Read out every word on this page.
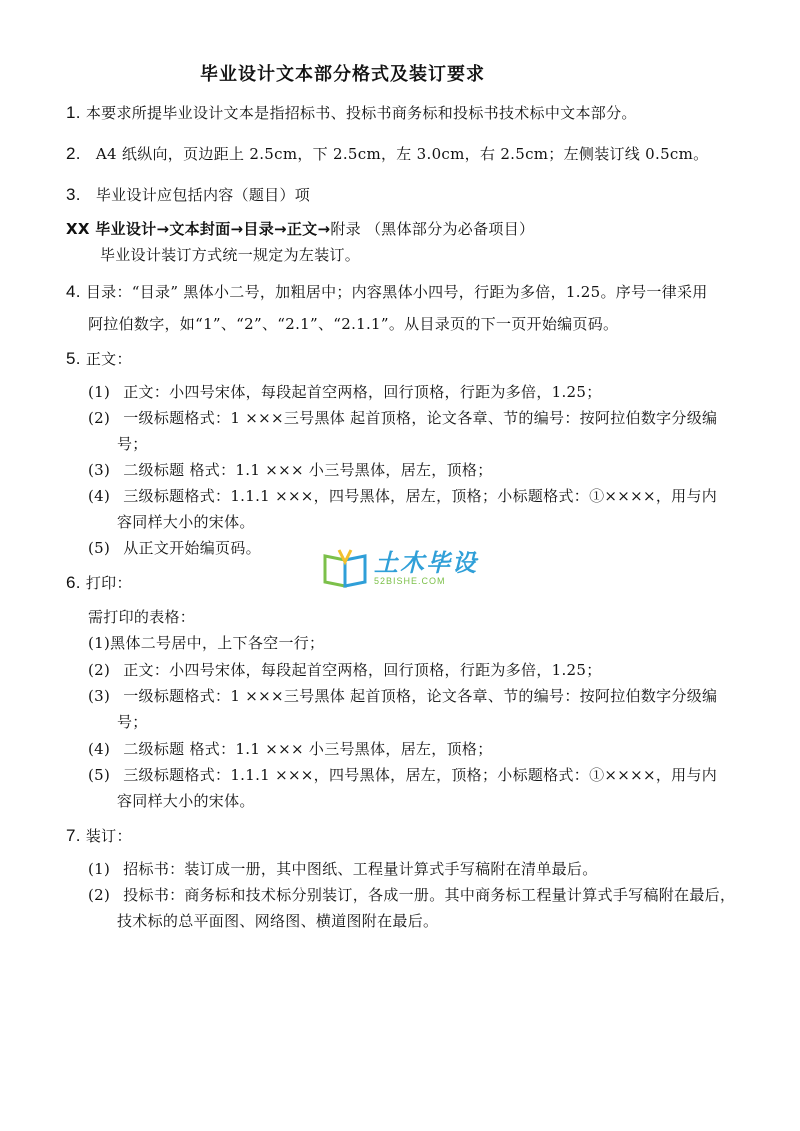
毕业设计文本部分格式及装订要求
1. 本要求所提毕业设计文本是指招标书、投标书商务标和投标书技术标中文本部分。
2. A4 纸纵向，页边距上 2.5cm，下 2.5cm，左 3.0cm，右 2.5cm；左侧装订线 0.5cm。
3. 毕业设计应包括内容（题目）项
XX 毕业设计→文本封面→目录→正文→附录 （黑体部分为必备项目）
毕业设计装订方式统一规定为左装订。
4. 目录：“目录” 黑体小二号，加粗居中；内容黑体小四号，行距为多倍，1.25。序号一律采用
阿拉伯数字，如“1”、“2”、“2.1”、“2.1.1”。从目录页的下一页开始编页码。
5. 正文：
(1) 正文：小四号宋体，每段起首空两格，回行顶格，行距为多倍，1.25；
(2) 一级标题格式：1 ×××三号黑体 起首顶格，论文各章、节的编号：按阿拉伯数字分级编
号；
(3) 二级标题 格式：1.1 ××× 小三号黑体，居左，顶格；
(4) 三级标题格式：1.1.1 ×××，四号黑体，居左，顶格；小标题格式：①××××，用与内
容同样大小的宋体。
(5) 从正文开始编页码。
土木毕设
52BISHE.COM
6. 打印：
需打印的表格：
(1)黑体二号居中，上下各空一行；
(2) 正文：小四号宋体，每段起首空两格，回行顶格，行距为多倍，1.25；
(3) 一级标题格式：1 ×××三号黑体 起首顶格，论文各章、节的编号：按阿拉伯数字分级编
号；
(4) 二级标题 格式：1.1 ××× 小三号黑体，居左，顶格；
(5) 三级标题格式：1.1.1 ×××，四号黑体，居左，顶格；小标题格式：①××××，用与内
容同样大小的宋体。
7. 装订：
(1) 招标书：装订成一册，其中图纸、工程量计算式手写稿附在清单最后。
(2) 投标书：商务标和技术标分别装订，各成一册。其中商务标工程量计算式手写稿附在最后，
技术标的总平面图、网络图、横道图附在最后。
